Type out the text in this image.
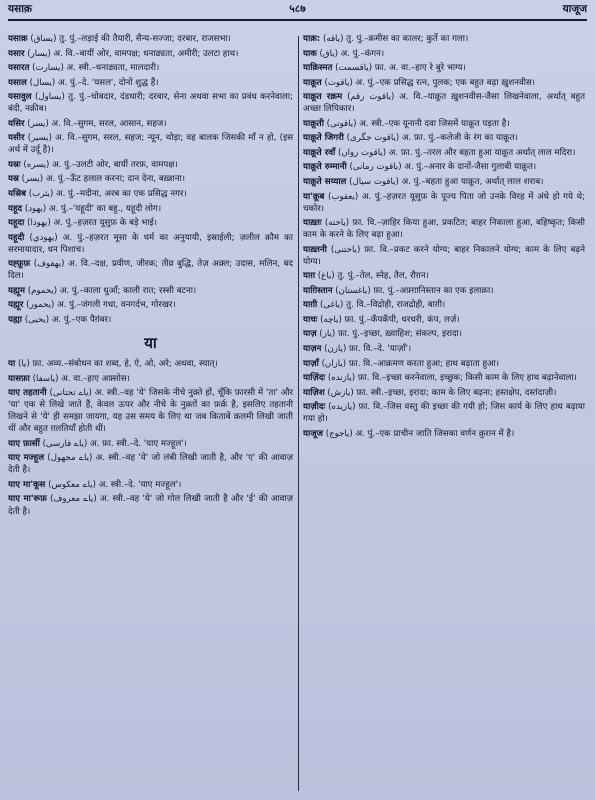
यसाक़	५८७	याजूज
यसाक़ (يساق) तु. पुं.–लड़ाई की तैयारी, सैन्य-सज्जा; दरबार, राजसभा।
यसार (يسار) अ. वि.–बायीं ओर, वामपक्ष; धनाढ्यता, अमीरी; उलटा हाथ।
यसारत (يسارت) अ. स्त्री.–धनाढ्यता, मालदारी।
यसाल (يسال) अ. पुं.–दे. 'यसल', दोनों शुद्ध हैं।
यसावुल (يساول) तु. पुं.–चोबदार, दंडधारी; दरबार, सेना अथवा सभा का प्रबंध करनेवाला; बंदी, नक़ीब।
यसिर (يسر) अ. वि.–सुगम, सरल, आसान, सहज।
यसीर (يسير) अ. वि.–सुगम, सरल, सहज; न्यून, थोड़ा; वह बालक जिसकी माँ न हो, (इस अर्थ में उर्दू है)।
यस्रः (يسره) अ. पुं.–उलटी ओर, बायीं तरफ़, वामपक्ष।
यस्र (يسر) अ. पुं.–ऊँट हलाल करना; दान देना, बख़्शना।
यस्रिब (يثرب) अ. पुं.–मदीना, अरब का एक प्रसिद्ध नगर।
यहूद (يهود) अ. पुं.–'यहूदी' का बहु., यहूदी लोग।
यहूदा (يهودا) अ. पुं.–हज़रत यूसुफ़ के बड़े भाई।
यहूदी (يهودي) अ. पुं.–हज़रत मूसा के धर्म का अनुयायी, इस्राईली; ज़लील क़ौम का सरमायादार, धन पिशाच।
यह्फ़ूफ़ (يهفوف) अ. वि.–दक्ष, प्रवीण, जीरक; तीव्र बुद्धि, तेज़ अक़्ल; उदास, मलिन, बद दिल।
यह्मूम (يحموم) अ. पुं.–काला धुआँ; काली रात; रस्सी बटना।
यह्मूर (يحمور) अ. पुं.–जंगली गधा, वनगर्दभ, गोरखर।
यह्या (يحيى) अ. पुं.–एक पैग़ंबर।
या
या (يا) फ़ा. अव्य.–संबोधन का शब्द, हे, ऐ, ओ, अरे; अथवा, स्यात्।
यासफ़ा (ياسفا) अ. वा.–हाए अफ़्सोस।
याए तहतानी (ياے تحتانى) अ. स्त्री.–वह 'ये' जिसके नीचे नुक़्ते हों, चूँकि फ़ारसी में 'ता' और 'या' एक से लिखे जाते हैं, केवल ऊपर और नीचे के नुक़्तों का फ़र्क़ है, इसलिए तहतानी लिखने से 'ये' ही समझा जायगा, यह उस समय के लिए था जब किताबें क़लमी लिखी जाती थीं और बहुत ग़लतियाँ होती थीं।
याए फ़ार्सी (یاے فارسى) अ. फ़ा. स्त्री.–दे. 'याए मज्हूल'।
याए मज्हूल (یاے مجهول) अ. स्त्री.–वह 'ये' जो लंबी लिखी जाती है, और 'ए' की आवाज़ देती है।
याए मा'कूस (یاے معکوس) अ. स्त्री.–दे. 'याए मज्हूल'।
याए मा'रूफ़ (یاے معروف) अ. स्त्री.–वह 'ये' जो गोल लिखी जाती है और 'ई' की आवाज़ देती है।
याक़: (ياقه) तु. पुं.–क़मीस का कालर; कुर्ते का गला।
याक (ياق) अ. पुं.–कंगन।
याक़िस्मत (ياقسمت) फ़ा. अ. वा.–हाए रे बुरे भाग्य।
याक़ूत (ياقوت) अ. पुं.–एक प्रसिद्ध रत्न, पुलक; एक बहुत बढ़ा ख़ुशनवीस।
याक़ूत रक़म (ياقوت رقم) अ. वि.–याक़ूत ख़ुशनवीस-जैसा लिखनेवाला, अर्थात् बहुत अच्छा लिपिकार।
याक़ूती (ياقوتى) अ. स्त्री.–एक यूनानी दवा जिसमें याक़ूत पड़ता है।
याक़ूते जिगरी (ياقوت جگرى) अ. फ़ा. पुं.–कलेजी के रंग का याक़ूत।
याक़ूते रवाँ (ياقوت رواں) अ. फ़ा. पुं.–तरल और बहता हुआ याक़ूत अर्थात् लाल मदिरा।
याक़ूते रुम्मानी (ياقوت رمانى) अ. पुं.–अनार के दानों-जैसा गुलाबी याक़ूत।
याक़ूते सय्याल (ياقوت سيال) अ. पुं.–बहता हुआ याक़ूत, अर्थात् लाल शराब।
या'क़ूब (يعقوب) अ. पुं.–हज़रत यूसुफ़ के पूज्य पिता जो उनके विरह में अंधे हो गये थे; चकोर।
याख़्तः (ياخته) फ़ा. वि.–ज़ाहिर किया हुआ, प्रकटित; बाहर निकाला हुआ, बहिष्कृत; किसी काम के करने के लिए बढ़ा हुआ।
याख़्तनी (ياختنى) फ़ा. वि.–प्रकट करने योग्य; बाहर निकालने योग्य; काम के लिए बढ़ने योग्य।
याग़ (ياغ) तु. पुं.–तेल, स्नेह, तैल, रौग़न।
याग़िस्तान (ياغستان) फ़ा. पुं.–अफ़्ग़ानिस्तान का एक इलाक़ा।
याग़ी (ياغى) तु. वि.–विद्रोही, राजद्रोही, बाग़ी।
याचः (ياچه) फ़ा. पुं.–कँपकँपी, थरथरी, कंप, लर्ज़।
याज़ (ياز) फ़ा. पुं.–इच्छा, ख़्वाहिश; संकल्प, इरादा।
याज़न (يازن) फ़ा. वि.–दे. 'याज़ाँ'।
याज़ाँ (يازاں) फ़ा. वि.–आक्रमण करता हुआ; हाथ बढ़ाता हुआ।
याज़िंदः (يازنده) फ़ा. वि.–इच्छा करनेवाला, इच्छुक; किसी काम के लिए हाथ बढ़ानेवाला।
याज़िश (يازش) फ़ा. स्त्री.–इच्छा, इरादा; काम के लिए बढ़ना; हस्तक्षेप, दस्तंदाज़ी।
याज़ीदः (يازيده) फ़ा. वि.–जिस वस्तु की इच्छा की गयी हो; जिस कार्य के लिए हाथ बढ़ाया गया हो।
याजूज (ياجوج) अ. पुं.–एक प्राचीन जाति जिसका वर्णन क़ुरान में है।
